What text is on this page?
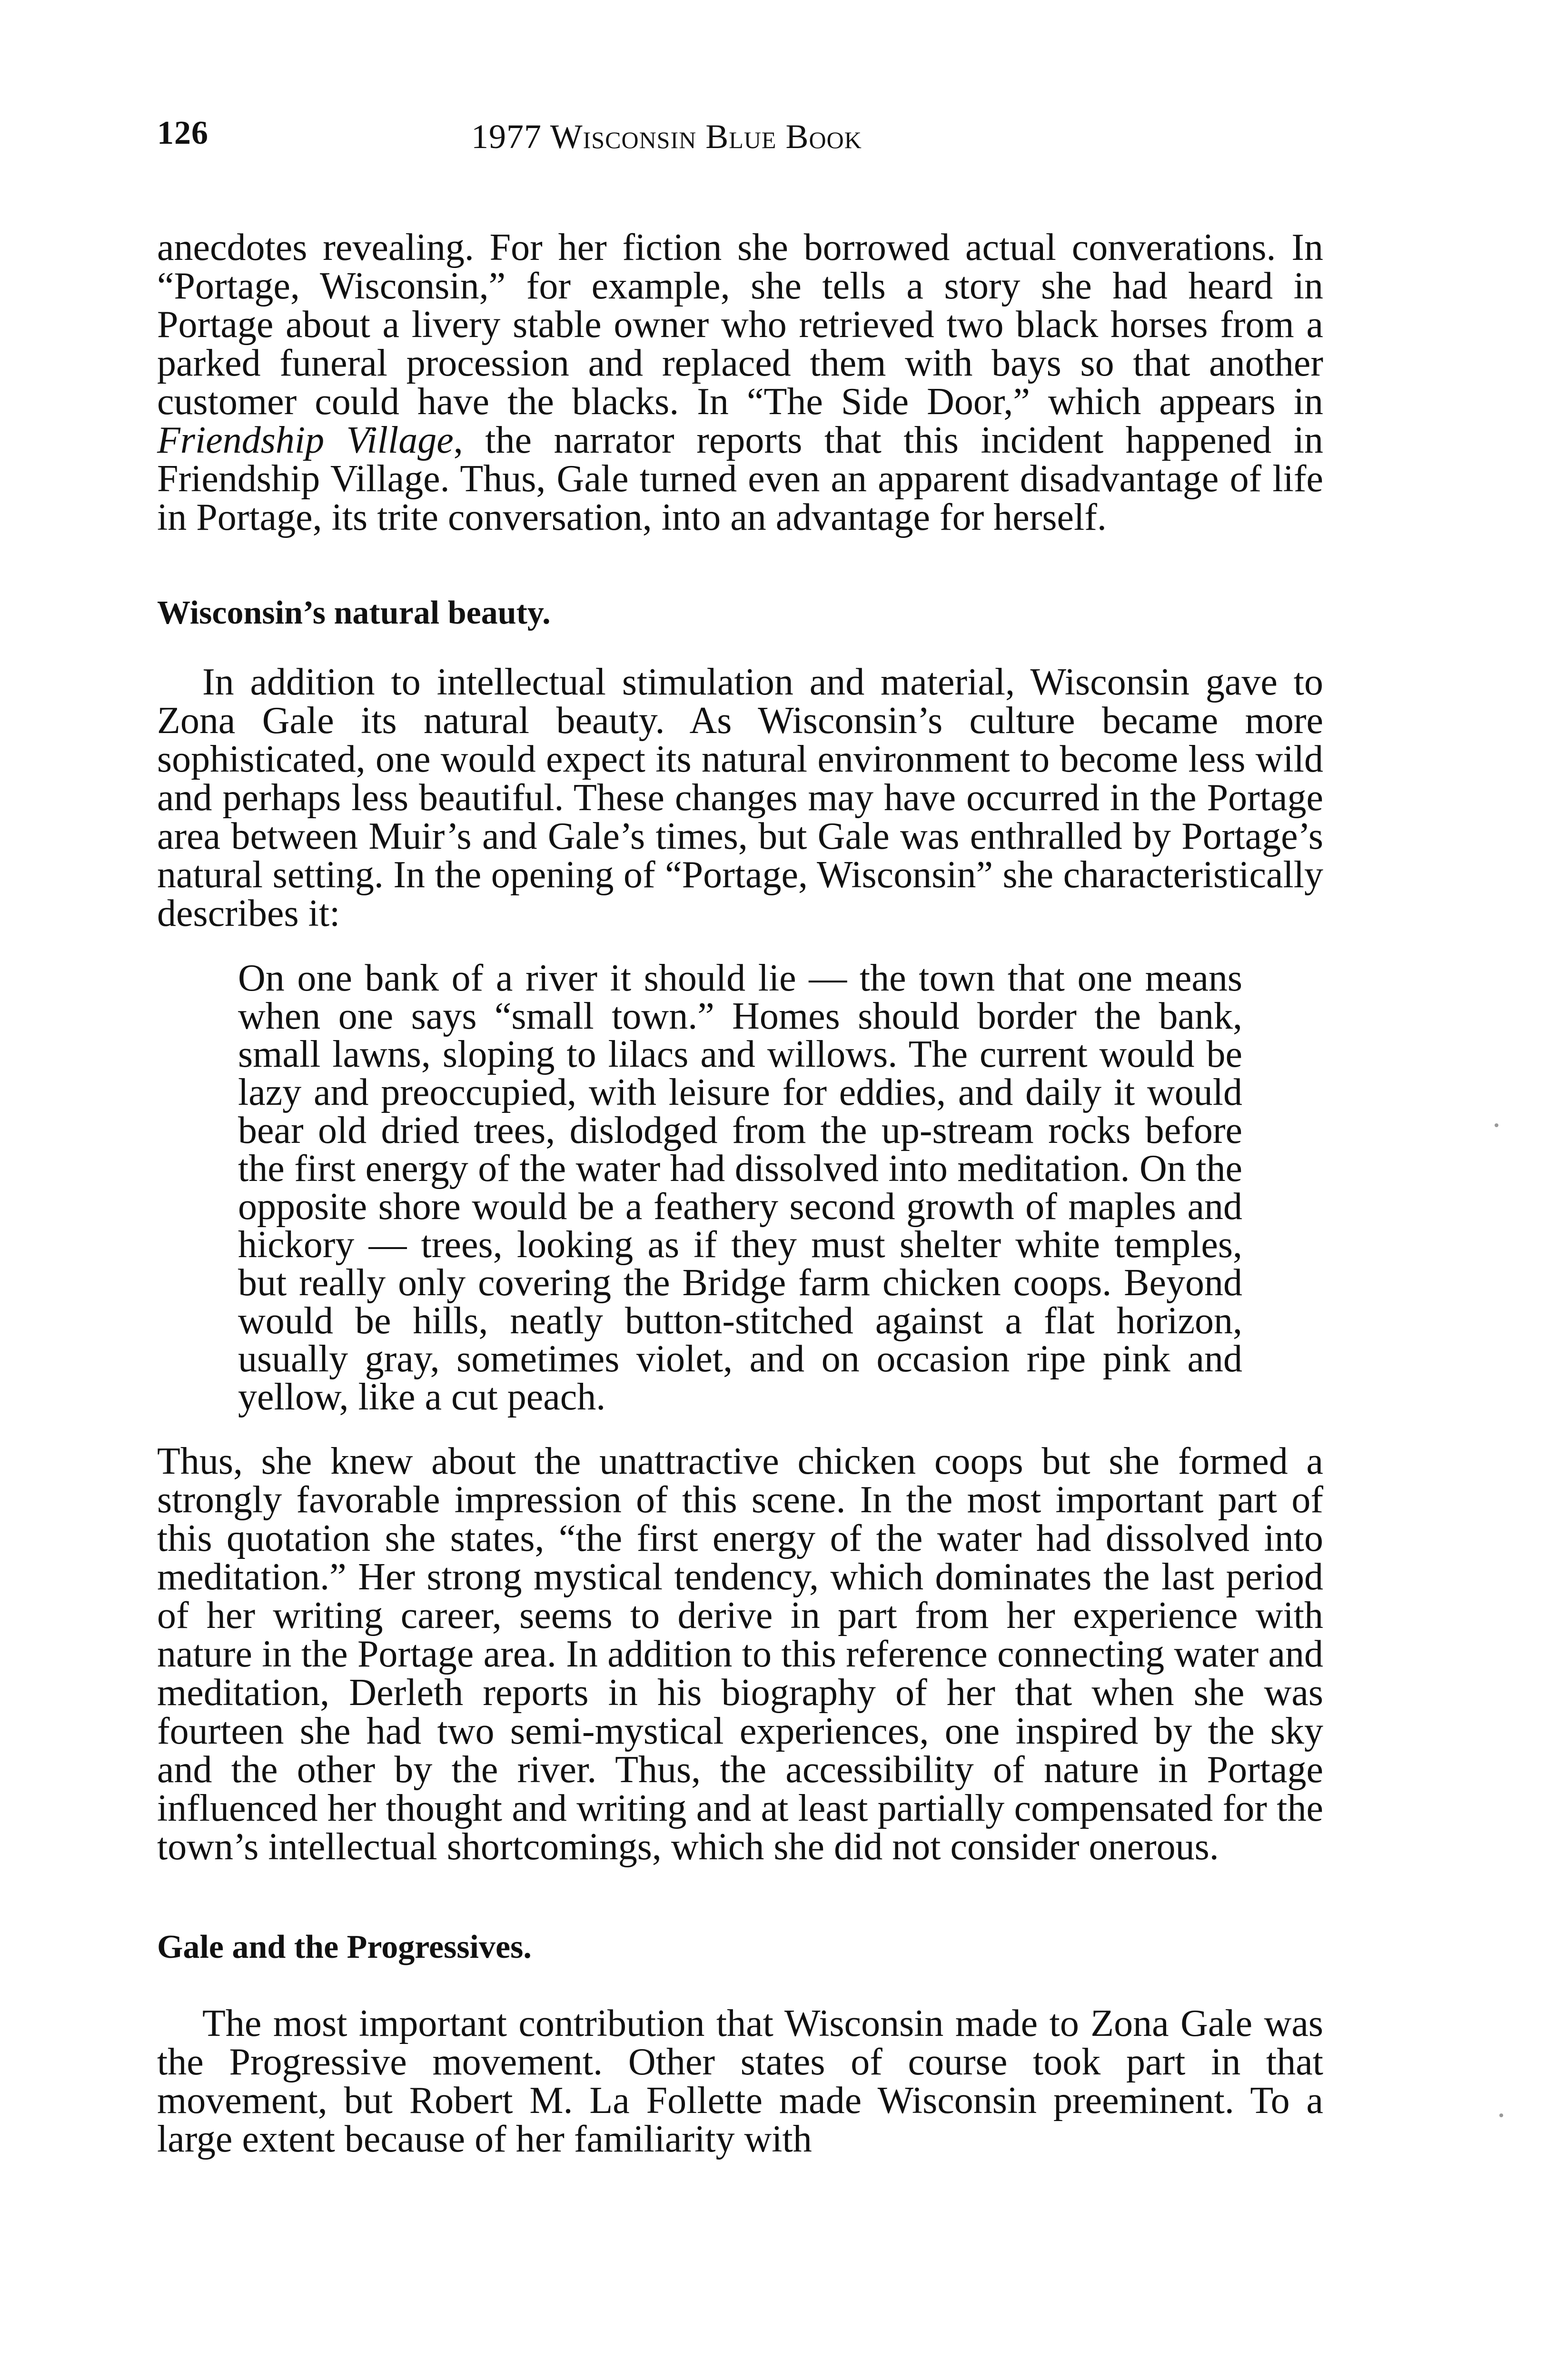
126	1977 Wisconsin Blue Book

anecdotes revealing. For her fiction she borrowed actual converations. In “Portage, Wisconsin,” for example, she tells a story she had heard in Portage about a livery stable owner who retrieved two black horses from a parked funeral procession and replaced them with bays so that another customer could have the blacks. In “The Side Door,” which appears in Friendship Village, the narrator reports that this incident happened in Friendship Village. Thus, Gale turned even an apparent disadvantage of life in Portage, its trite conversation, into an advantage for herself.

Wisconsin’s natural beauty.

In addition to intellectual stimulation and material, Wisconsin gave to Zona Gale its natural beauty. As Wisconsin’s culture became more sophisticated, one would expect its natural environment to become less wild and perhaps less beautiful. These changes may have occurred in the Portage area between Muir’s and Gale’s times, but Gale was enthralled by Portage’s natural setting. In the opening of “Portage, Wisconsin” she characteristically describes it:

On one bank of a river it should lie — the town that one means when one says “small town.” Homes should border the bank, small lawns, sloping to lilacs and willows. The current would be lazy and preoccupied, with leisure for eddies, and daily it would bear old dried trees, dislodged from the up-stream rocks before the first energy of the water had dissolved into meditation. On the opposite shore would be a feathery second growth of maples and hickory — trees, looking as if they must shelter white temples, but really only covering the Bridge farm chicken coops. Beyond would be hills, neatly button-stitched against a flat horizon, usually gray, sometimes violet, and on occasion ripe pink and yellow, like a cut peach.

Thus, she knew about the unattractive chicken coops but she formed a strongly favorable impression of this scene. In the most important part of this quotation she states, “the first energy of the water had dissolved into meditation.” Her strong mystical tendency, which dominates the last period of her writing career, seems to derive in part from her experience with nature in the Portage area. In addition to this reference connecting water and meditation, Derleth reports in his biography of her that when she was fourteen she had two semi-mystical experiences, one inspired by the sky and the other by the river. Thus, the accessibility of nature in Portage influenced her thought and writing and at least partially compensated for the town’s intellectual shortcomings, which she did not consider onerous.

Gale and the Progressives.

The most important contribution that Wisconsin made to Zona Gale was the Progressive movement. Other states of course took part in that movement, but Robert M. La Follette made Wisconsin preeminent. To a large extent because of her familiarity with
